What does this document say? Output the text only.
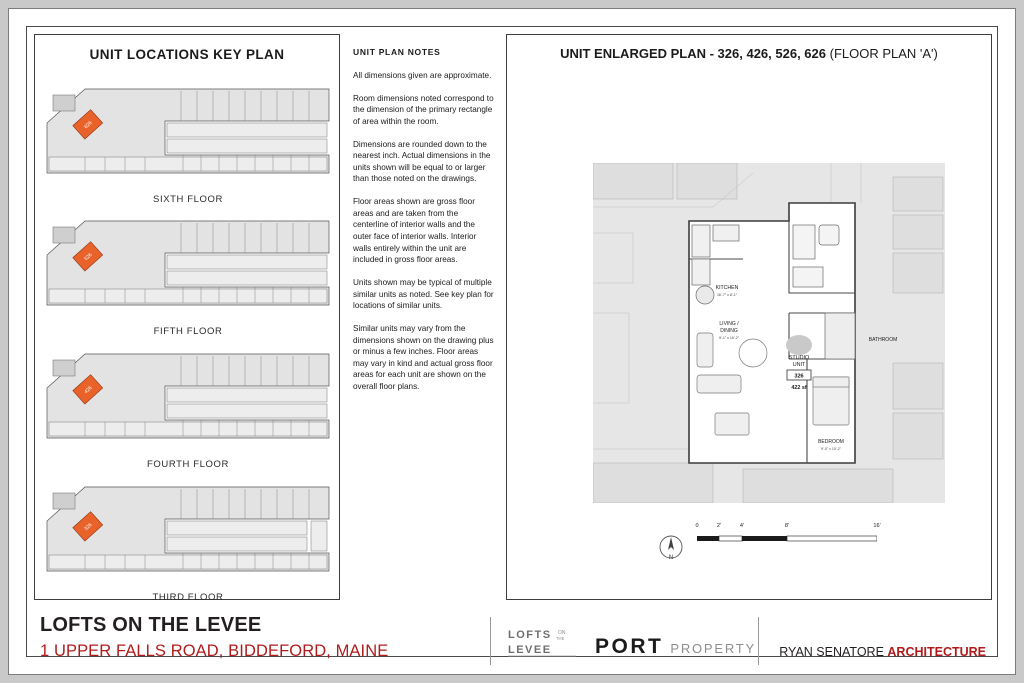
UNIT LOCATIONS KEY PLAN
626
SIXTH FLOOR
526
FIFTH FLOOR
426
FOURTH FLOOR
326
THIRD FLOOR
UNIT PLAN NOTES
All dimensions given are approximate.
Room dimensions noted correspond to the dimension of the primary rectangle of area within the room.
Dimensions are rounded down to the nearest inch. Actual dimensions in the units shown will be equal to or larger than those noted on the drawings.
Floor areas shown are gross floor areas and are taken from the centerline of interior walls and the outer face of interior walls. Interior walls entirely within the unit are included in gross floor areas.
Units shown may be typical of multiple similar units as noted. See key plan for locations of similar units.
Similar units may vary from the dimensions shown on the drawing plus or minus a few inches. Floor areas may vary in kind and actual gross floor areas for each unit are shown on the overall floor plans.
UNIT ENLARGED PLAN - 326, 426, 526, 626 (FLOOR PLAN 'A')
KITCHEN
16'-7" x 8'-1"
LIVING /
DINING
9'-1" x 16'-2"	BATHROOM
BEDROOM
9'-0" x 10'-2"
STUDIO
UNIT
326
422 sf
N
0	2'	4'	8'	16'
LOFTS ON THE LEVEE
1 UPPER FALLS ROAD, BIDDEFORD, MAINE
LOFTS ON
THE
LEVEE PORT PROPERTY RYAN SENATORE ARCHITECTURE
